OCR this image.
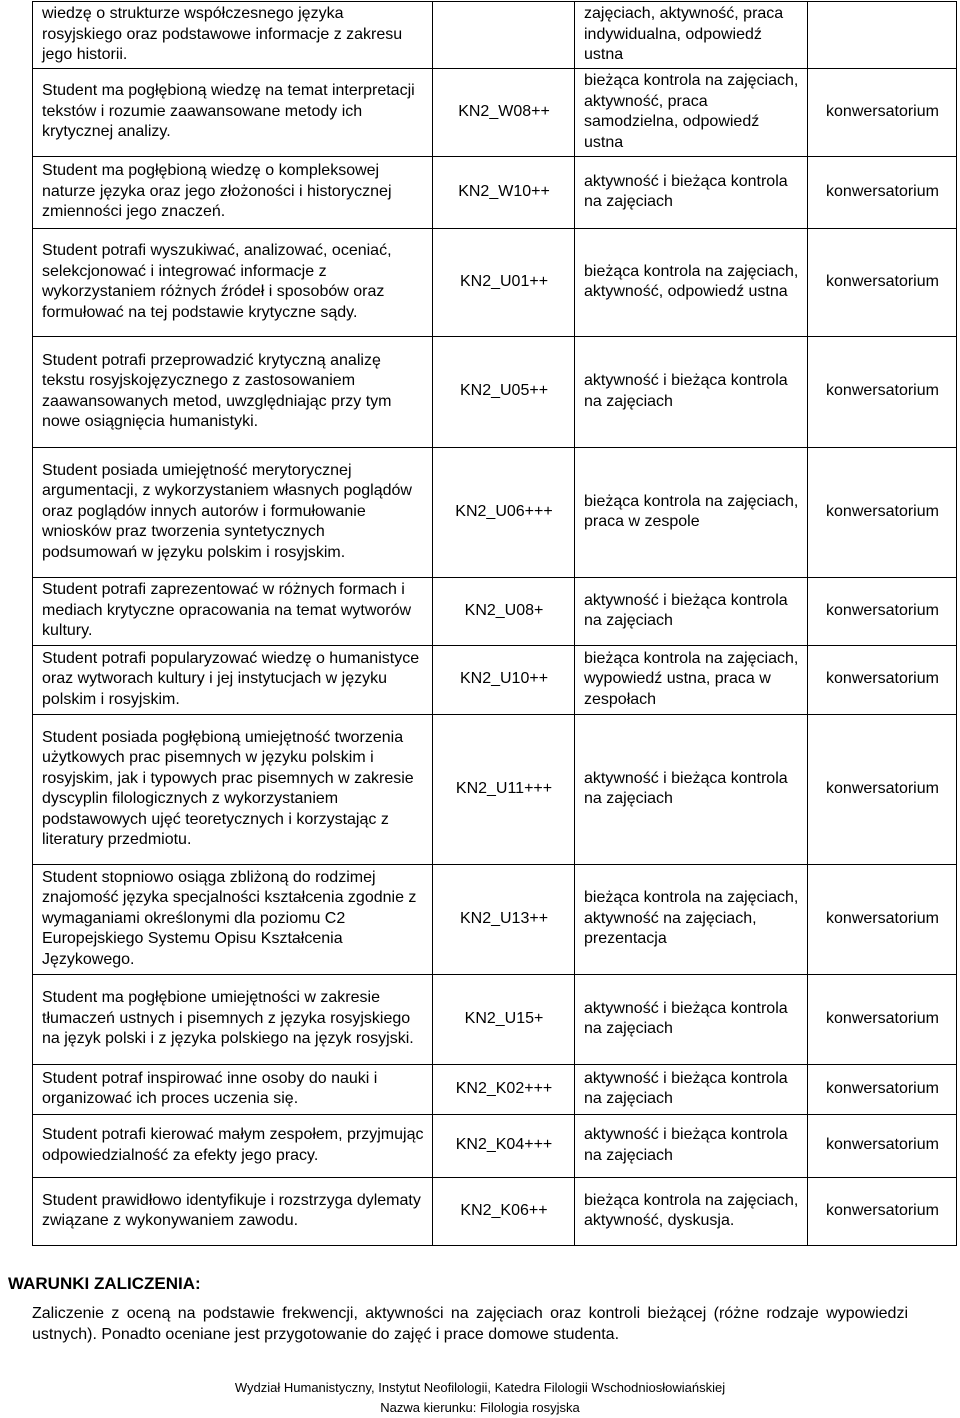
wiedzę o strukturze współczesnego języka rosyjskiego oraz podstawowe informacje z zakresu jego historii.		zajęciach, aktywność, praca indywidualna, odpowiedź ustna	
Student ma pogłębioną wiedzę na temat interpretacji tekstów i rozumie zaawansowane metody ich krytycznej analizy.	KN2_W08++	bieżąca kontrola na zajęciach, aktywność, praca samodzielna, odpowiedź ustna	konwersatorium
Student ma pogłębioną wiedzę o kompleksowej naturze języka oraz jego złożoności i historycznej zmienności jego znaczeń.	KN2_W10++	aktywność i bieżąca kontrola na zajęciach	konwersatorium
Student potrafi wyszukiwać, analizować, oceniać, selekcjonować i integrować informacje z wykorzystaniem różnych źródeł i sposobów oraz formułować na tej podstawie krytyczne sądy.	KN2_U01++	bieżąca kontrola na zajęciach, aktywność, odpowiedź ustna	konwersatorium
Student potrafi przeprowadzić krytyczną analizę tekstu rosyjskojęzycznego z zastosowaniem zaawansowanych metod, uwzględniając przy tym nowe osiągnięcia humanistyki.	KN2_U05++	aktywność i bieżąca kontrola na zajęciach	konwersatorium
Student posiada umiejętność merytorycznej argumentacji, z wykorzystaniem własnych poglądów oraz poglądów innych autorów i formułowanie wniosków praz tworzenia syntetycznych podsumowań w języku polskim i rosyjskim.	KN2_U06+++	bieżąca kontrola na zajęciach, praca w zespole	konwersatorium
Student potrafi zaprezentować w różnych formach i mediach krytyczne opracowania na temat wytworów kultury.	KN2_U08+	aktywność i bieżąca kontrola na zajęciach	konwersatorium
Student potrafi popularyzować wiedzę o humanistyce oraz wytworach kultury i jej instytucjach w języku polskim i rosyjskim.	KN2_U10++	bieżąca kontrola na zajęciach, wypowiedź ustna, praca w zespołach	konwersatorium
Student posiada pogłębioną umiejętność tworzenia użytkowych prac pisemnych w języku polskim i rosyjskim, jak i typowych prac pisemnych w zakresie dyscyplin filologicznych z wykorzystaniem podstawowych ujęć teoretycznych i korzystając z literatury przedmiotu.	KN2_U11+++	aktywność i bieżąca kontrola na zajęciach	konwersatorium
Student stopniowo osiąga zbliżoną do rodzimej znajomość języka specjalności kształcenia zgodnie z wymaganiami określonymi dla poziomu C2 Europejskiego Systemu Opisu Kształcenia Językowego.	KN2_U13++	bieżąca kontrola na zajęciach, aktywność na zajęciach, prezentacja	konwersatorium
Student ma pogłębione umiejętności w zakresie tłumaczeń ustnych i pisemnych z języka rosyjskiego na język polski i z języka polskiego na język rosyjski.	KN2_U15+	aktywność i bieżąca kontrola na zajęciach	konwersatorium
Student potraf inspirować inne osoby do nauki i organizować ich proces uczenia się.	KN2_K02+++	aktywność i bieżąca kontrola na zajęciach	konwersatorium
Student potrafi kierować małym zespołem, przyjmując odpowiedzialność za efekty jego pracy.	KN2_K04+++	aktywność i bieżąca kontrola na zajęciach	konwersatorium
Student prawidłowo identyfikuje i rozstrzyga dylematy związane z wykonywaniem zawodu.	KN2_K06++	bieżąca kontrola na zajęciach, aktywność, dyskusja.	konwersatorium
WARUNKI ZALICZENIA:
Zaliczenie z oceną na podstawie frekwencji, aktywności na zajęciach oraz kontroli bieżącej (różne rodzaje wypowiedzi ustnych). Ponadto oceniane jest przygotowanie do zajęć i prace domowe studenta.
Wydział Humanistyczny, Instytut Neofilologii, Katedra Filologii Wschodniosłowiańskiej
Nazwa kierunku: Filologia rosyjska
